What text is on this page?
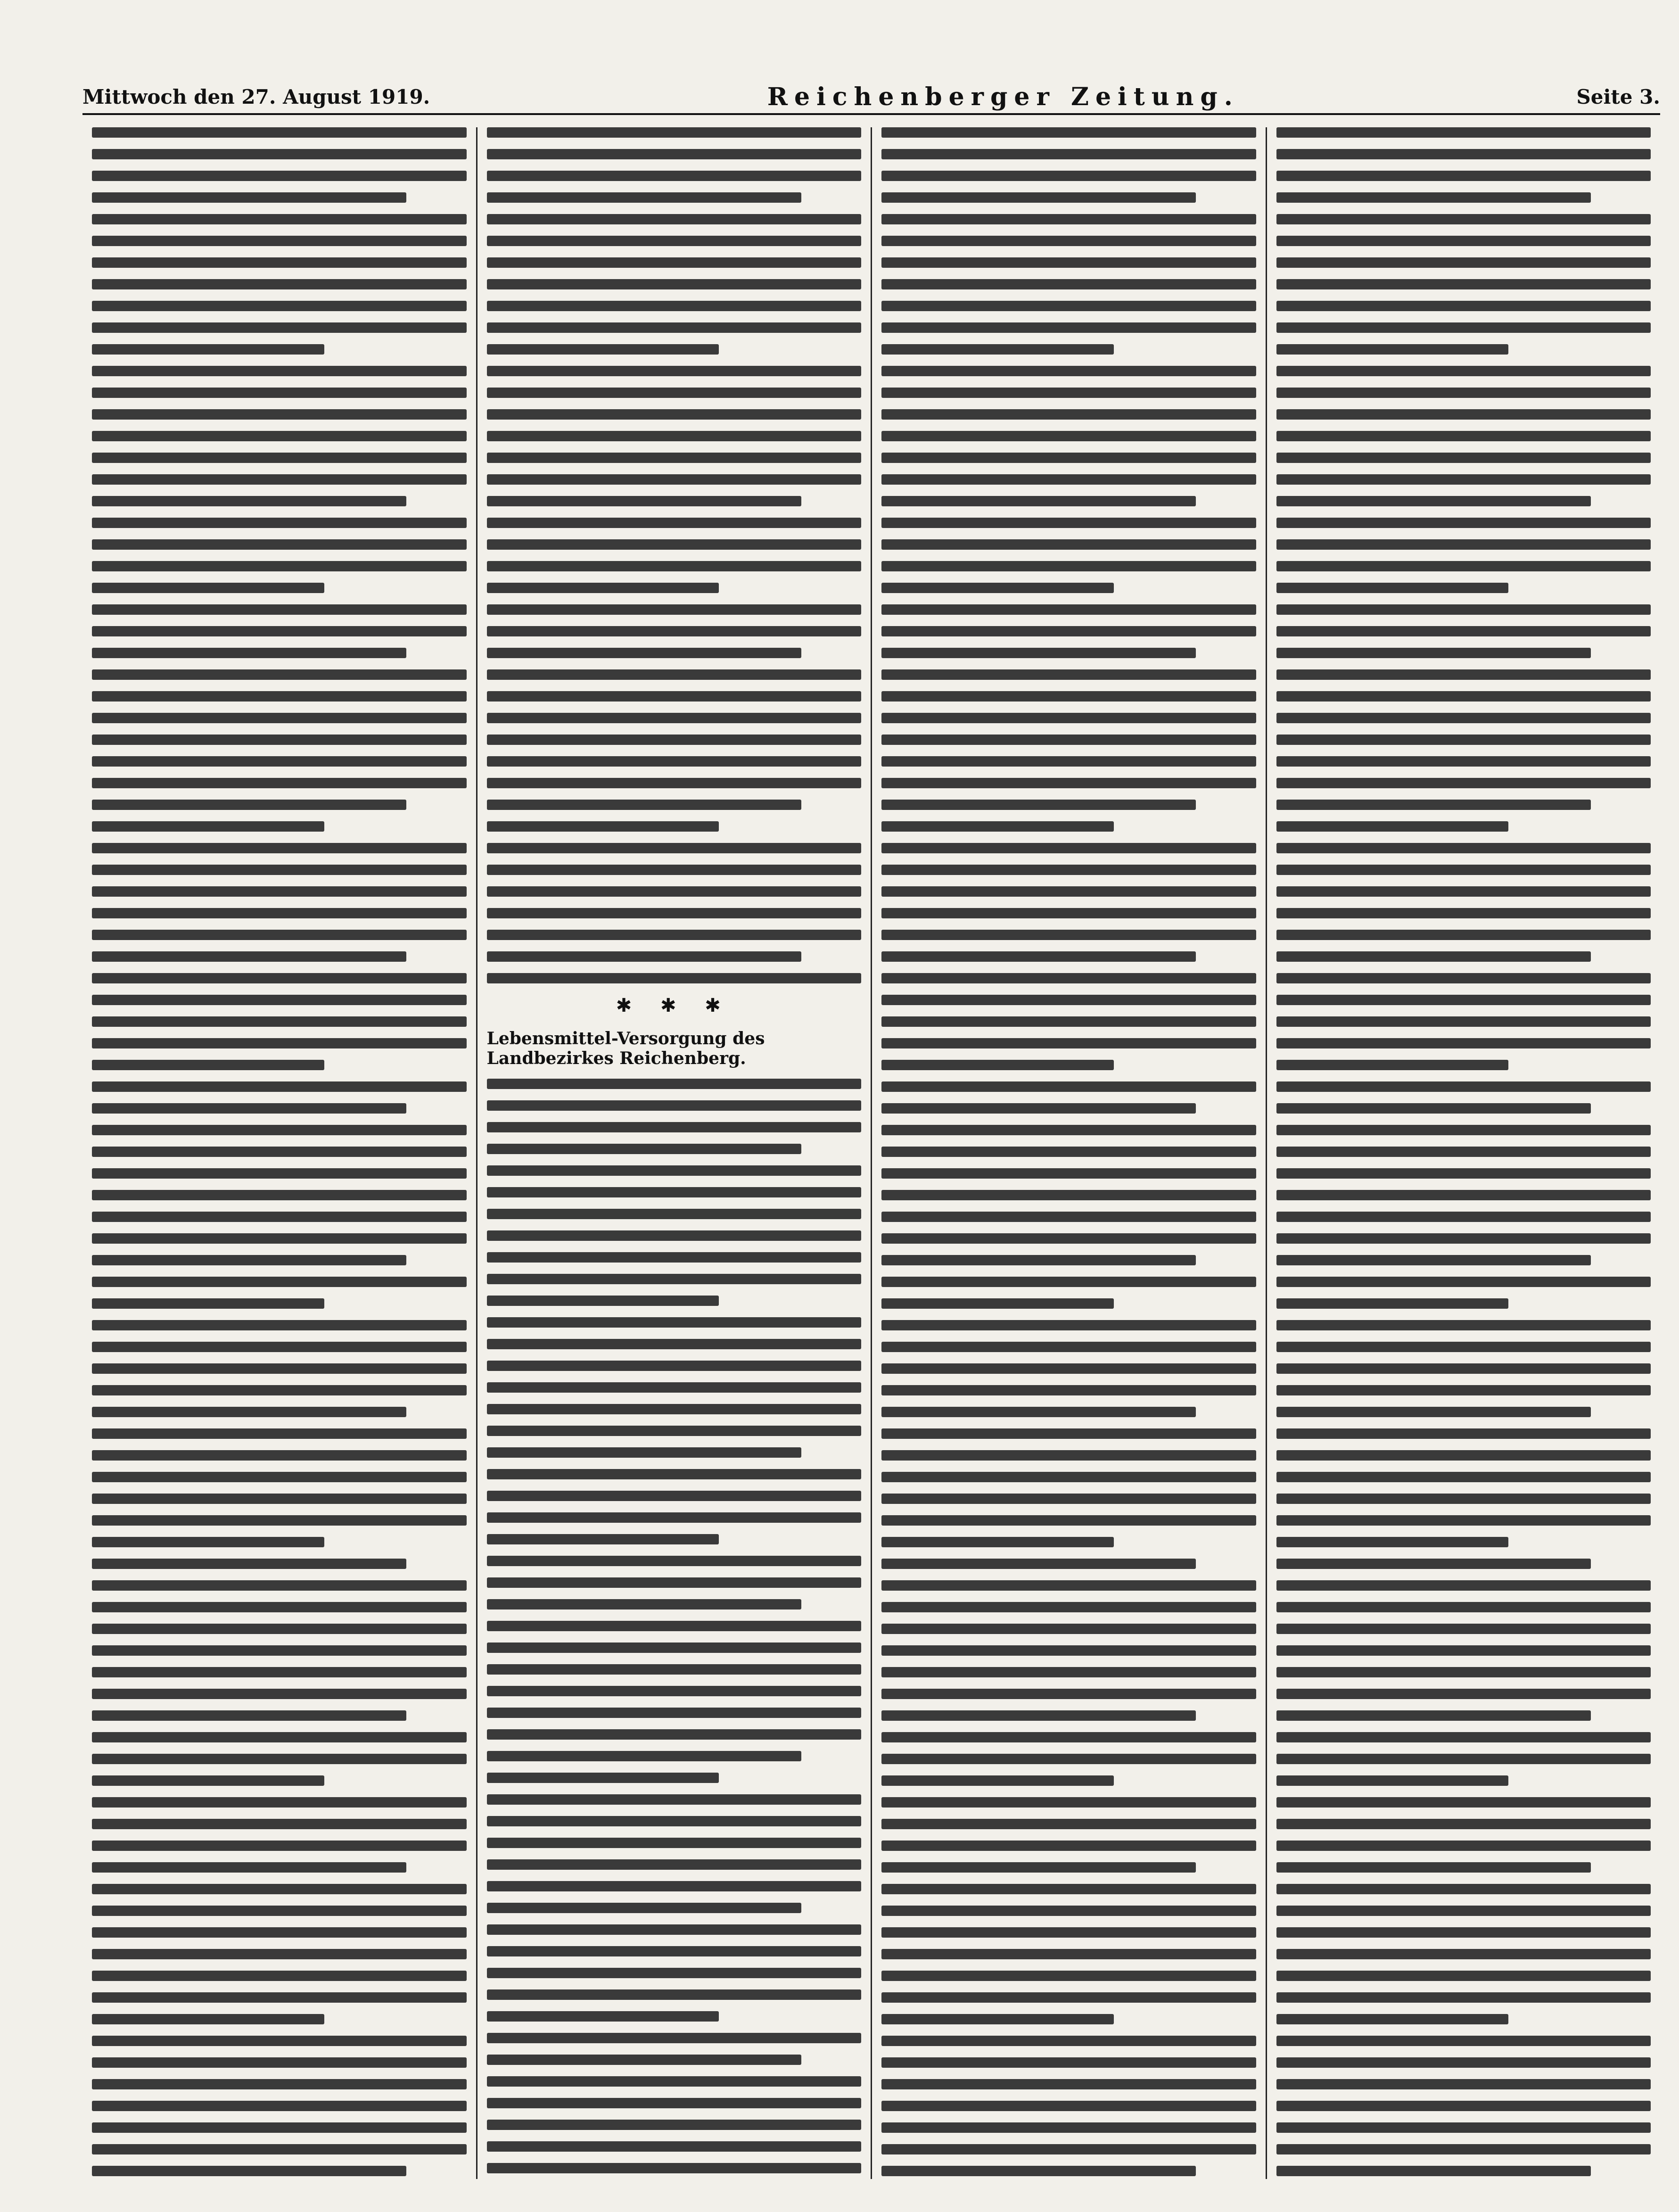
Mittwoch den 27. August 1919.	Reichenberger Zeitung.	Seite 3.
✱ ✱ ✱
Lebensmittel-Versorgung des Landbezirkes Reichenberg.
